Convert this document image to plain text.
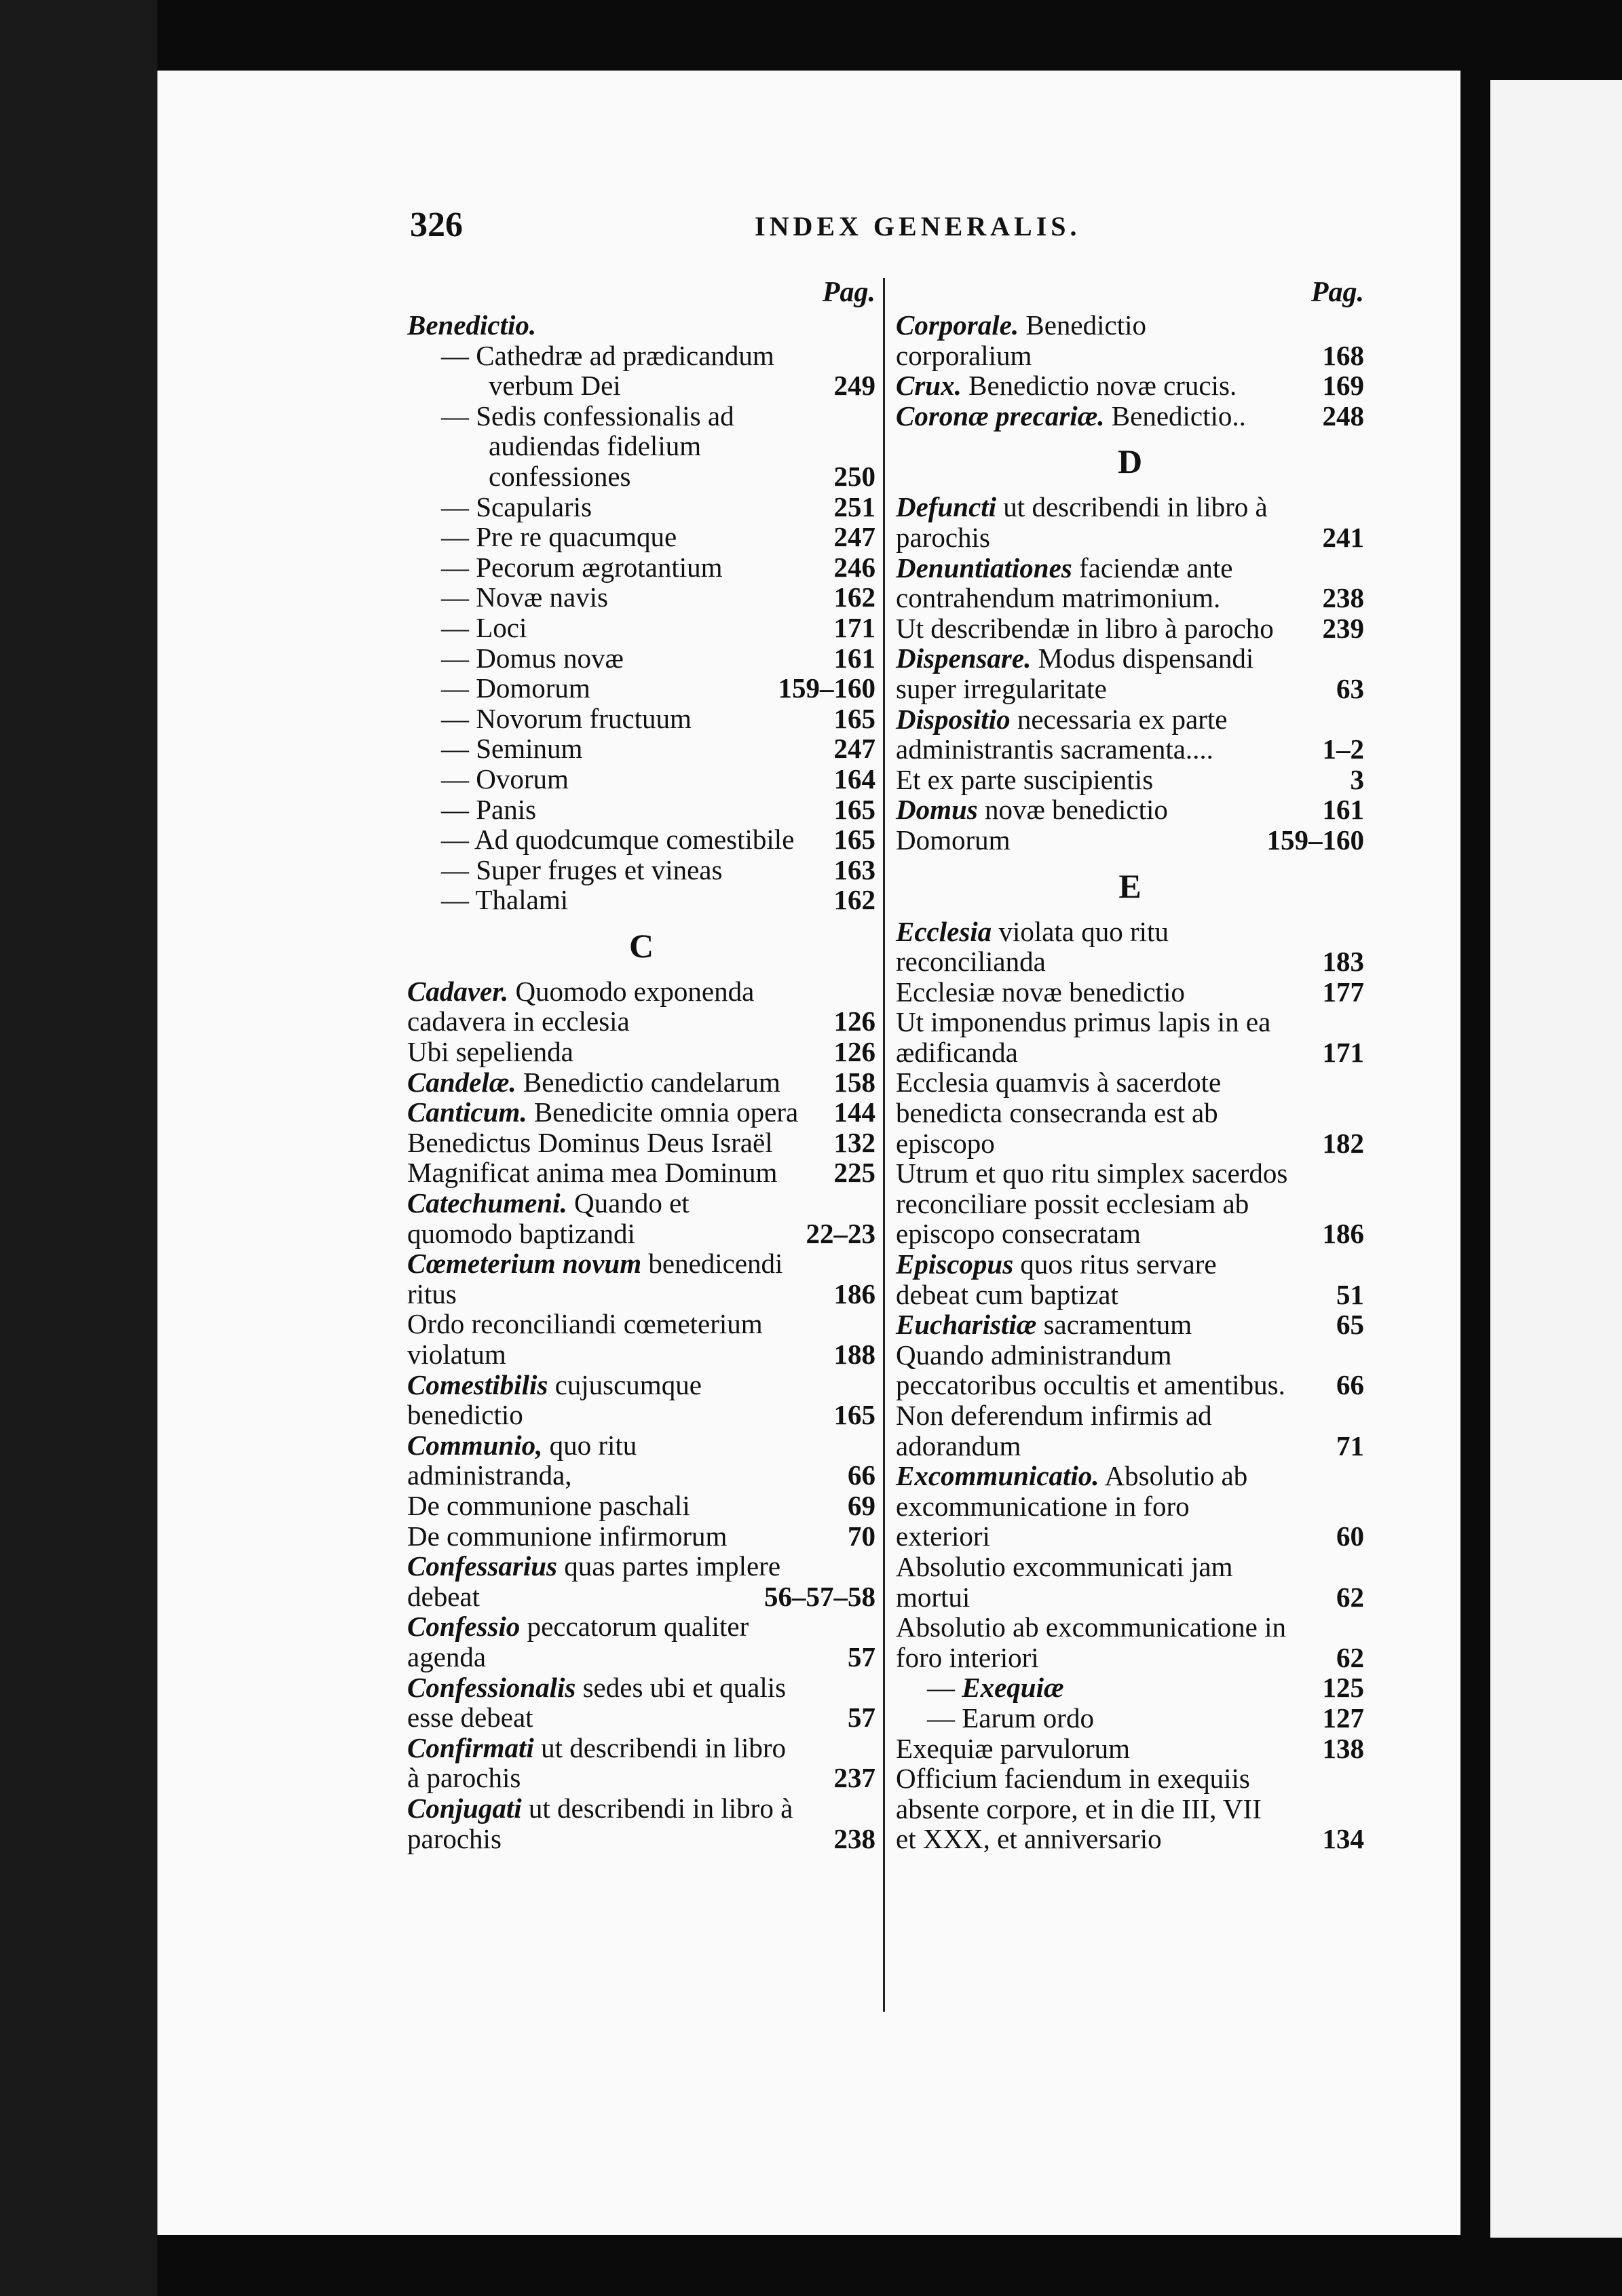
326	INDEX GENERALIS.
Pag.
Benedictio.
— Cathedræ ad prædicandum verbum Dei	249
— Sedis confessionalis ad audiendas fidelium confessiones	250
— Scapularis	251
— Pre re quacumque	247
— Pecorum ægrotantium	246
— Novæ navis	162
— Loci	171
— Domus novæ	161
— Domorum	159–160
— Novorum fructuum	165
— Seminum	247
— Ovorum	164
— Panis	165
— Ad quodcumque comestibile	165
— Super fruges et vineas	163
— Thalami	162
C
Cadaver. Quomodo exponenda cadavera in ecclesia	126
Ubi sepelienda	126
Candelæ. Benedictio candelarum	158
Canticum. Benedicite omnia opera	144
Benedictus Dominus Deus Israël	132
Magnificat anima mea Dominum	225
Catechumeni. Quando et quomodo baptizandi	22–23
Cœmeterium novum benedicendi ritus	186
Ordo reconciliandi cœmeterium violatum	188
Comestibilis cujuscumque benedictio	165
Communio, quo ritu administranda,	66
De communione paschali	69
De communione infirmorum	70
Confessarius quas partes implere debeat	56–57–58
Confessio peccatorum qualiter agenda	57
Confessionalis sedes ubi et qualis esse debeat	57
Confirmati ut describendi in libro à parochis	237
Conjugati ut describendi in libro à parochis	238
Pag.
Corporale. Benedictio corporalium	168
Crux. Benedictio novæ crucis.	169
Coronæ precariæ. Benedictio..	248
D
Defuncti ut describendi in libro à parochis	241
Denuntiationes faciendæ ante contrahendum matrimonium.	238
Ut describendæ in libro à parocho	239
Dispensare. Modus dispensandi super irregularitate	63
Dispositio necessaria ex parte administrantis sacramenta....	1–2
Et ex parte suscipientis	3
Domus novæ benedictio	161
Domorum	159–160
E
Ecclesia violata quo ritu reconcilianda	183
Ecclesiæ novæ benedictio	177
Ut imponendus primus lapis in ea ædificanda	171
Ecclesia quamvis à sacerdote benedicta consecranda est ab episcopo	182
Utrum et quo ritu simplex sacerdos reconciliare possit ecclesiam ab episcopo consecratam	186
Episcopus quos ritus servare debeat cum baptizat	51
Eucharistiæ sacramentum	65
Quando administrandum peccatoribus occultis et amentibus.	66
Non deferendum infirmis ad adorandum	71
Excommunicatio. Absolutio ab excommunicatione in foro exteriori	60
Absolutio excommunicati jam mortui	62
Absolutio ab excommunicatione in foro interiori	62
— Exequiæ	125
— Earum ordo	127
Exequiæ parvulorum	138
Officium faciendum in exequiis absente corpore, et in die III, VII et XXX, et anniversario	134
